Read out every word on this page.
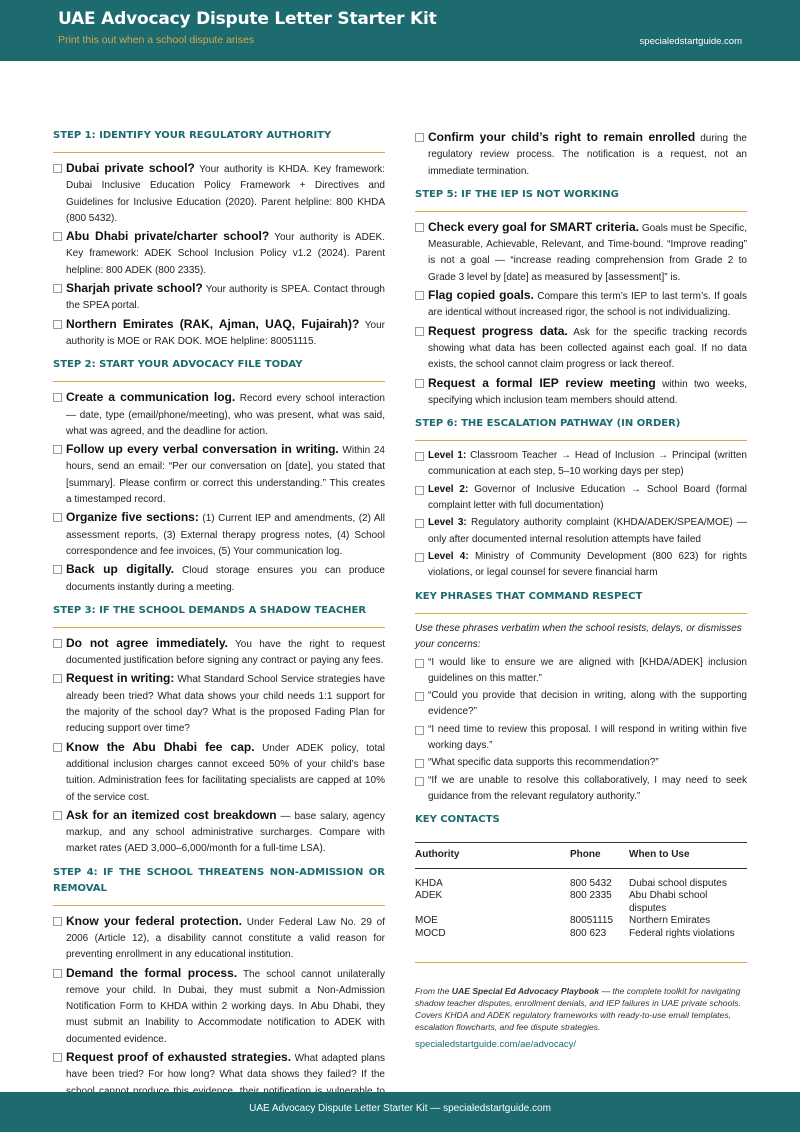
UAE Advocacy Dispute Letter Starter Kit
Print this out when a school dispute arises	specialedstartguide.com
STEP 1: IDENTIFY YOUR REGULATORY AUTHORITY
Dubai private school? Your authority is KHDA. Key framework: Dubai Inclusive Education Policy Framework + Directives and Guidelines for Inclusive Education (2020). Parent helpline: 800 KHDA (800 5432).
Abu Dhabi private/charter school? Your authority is ADEK. Key framework: ADEK School Inclusion Policy v1.2 (2024). Parent helpline: 800 ADEK (800 2335).
Sharjah private school? Your authority is SPEA. Contact through the SPEA portal.
Northern Emirates (RAK, Ajman, UAQ, Fujairah)? Your authority is MOE or RAK DOK. MOE helpline: 80051115.
STEP 2: START YOUR ADVOCACY FILE TODAY
Create a communication log. Record every school interaction — date, type (email/phone/meeting), who was present, what was said, what was agreed, and the deadline for action.
Follow up every verbal conversation in writing. Within 24 hours, send an email: “Per our conversation on [date], you stated that [summary]. Please confirm or correct this understanding.” This creates a timestamped record.
Organize five sections: (1) Current IEP and amendments, (2) All assessment reports, (3) External therapy progress notes, (4) School correspondence and fee invoices, (5) Your communication log.
Back up digitally. Cloud storage ensures you can produce documents instantly during a meeting.
STEP 3: IF THE SCHOOL DEMANDS A SHADOW TEACHER
Do not agree immediately. You have the right to request documented justification before signing any contract or paying any fees.
Request in writing: What Standard School Service strategies have already been tried? What data shows your child needs 1:1 support for the majority of the school day? What is the proposed Fading Plan for reducing support over time?
Know the Abu Dhabi fee cap. Under ADEK policy, total additional inclusion charges cannot exceed 50% of your child’s base tuition. Administration fees for facilitating specialists are capped at 10% of the service cost.
Ask for an itemized cost breakdown — base salary, agency markup, and any school administrative surcharges. Compare with market rates (AED 3,000–6,000/month for a full-time LSA).
STEP 4: IF THE SCHOOL THREATENS NON-ADMISSION OR REMOVAL
Know your federal protection. Under Federal Law No. 29 of 2006 (Article 12), a disability cannot constitute a valid reason for preventing enrollment in any educational institution.
Demand the formal process. The school cannot unilaterally remove your child. In Dubai, they must submit a Non-Admission Notification Form to KHDA within 2 working days. In Abu Dhabi, they must submit an Inability to Accommodate notification to ADEK with documented evidence.
Request proof of exhausted strategies. What adapted plans have been tried? For how long? What data shows they failed? If the
Confirm your child’s right to remain enrolled during the regulatory review process. The notification is a request, not an immediate termination.
STEP 5: IF THE IEP IS NOT WORKING
Check every goal for SMART criteria. Goals must be Specific, Measurable, Achievable, Relevant, and Time-bound. “Improve reading” is not a goal — “increase reading comprehension from Grade 2 to Grade 3 level by [date] as measured by [assessment]” is.
Flag copied goals. Compare this term’s IEP to last term’s. If goals are identical without increased rigor, the school is not individualizing.
Request progress data. Ask for the specific tracking records showing what data has been collected against each goal. If no data exists, the school cannot claim progress or lack thereof.
Request a formal IEP review meeting within two weeks, specifying which inclusion team members should attend.
STEP 6: THE ESCALATION PATHWAY (IN ORDER)
Level 1: Classroom Teacher → Head of Inclusion → Principal (written communication at each step, 5–10 working days per step)
Level 2: Governor of Inclusive Education → School Board (formal complaint letter with full documentation)
Level 3: Regulatory authority complaint (KHDA/ADEK/SPEA/MOE) — only after documented internal resolution attempts have failed
Level 4: Ministry of Community Development (800 623) for rights violations, or legal counsel for severe financial harm
KEY PHRASES THAT COMMAND RESPECT
Use these phrases verbatim when the school resists, delays, or dismisses your concerns:
“I would like to ensure we are aligned with [KHDA/ADEK] inclusion guidelines on this matter.”
“Could you provide that decision in writing, along with the supporting evidence?”
“I need time to review this proposal. I will respond in writing within five working days.”
“What specific data supports this recommendation?”
“If we are unable to resolve this collaboratively, I may need to seek guidance from the relevant regulatory authority.”
KEY CONTACTS
Authority	Phone	When to Use
KHDA	800 5432	Dubai school disputes
ADEK	800 2335	Abu Dhabi school disputes
MOE	80051115	Northern Emirates
MOCD	800 623	Federal rights violations
From the UAE Special Ed Advocacy Playbook — the complete toolkit for navigating shadow teacher disputes, enrollment denials, and IEP failures in UAE private schools. Covers KHDA and ADEK regulatory frameworks with ready-to-use email templates, escalation flowcharts, and fee dispute strategies.
specialedstartguide.com/ae/advocacy/
UAE Advocacy Dispute Letter Starter Kit — specialedstartguide.com
